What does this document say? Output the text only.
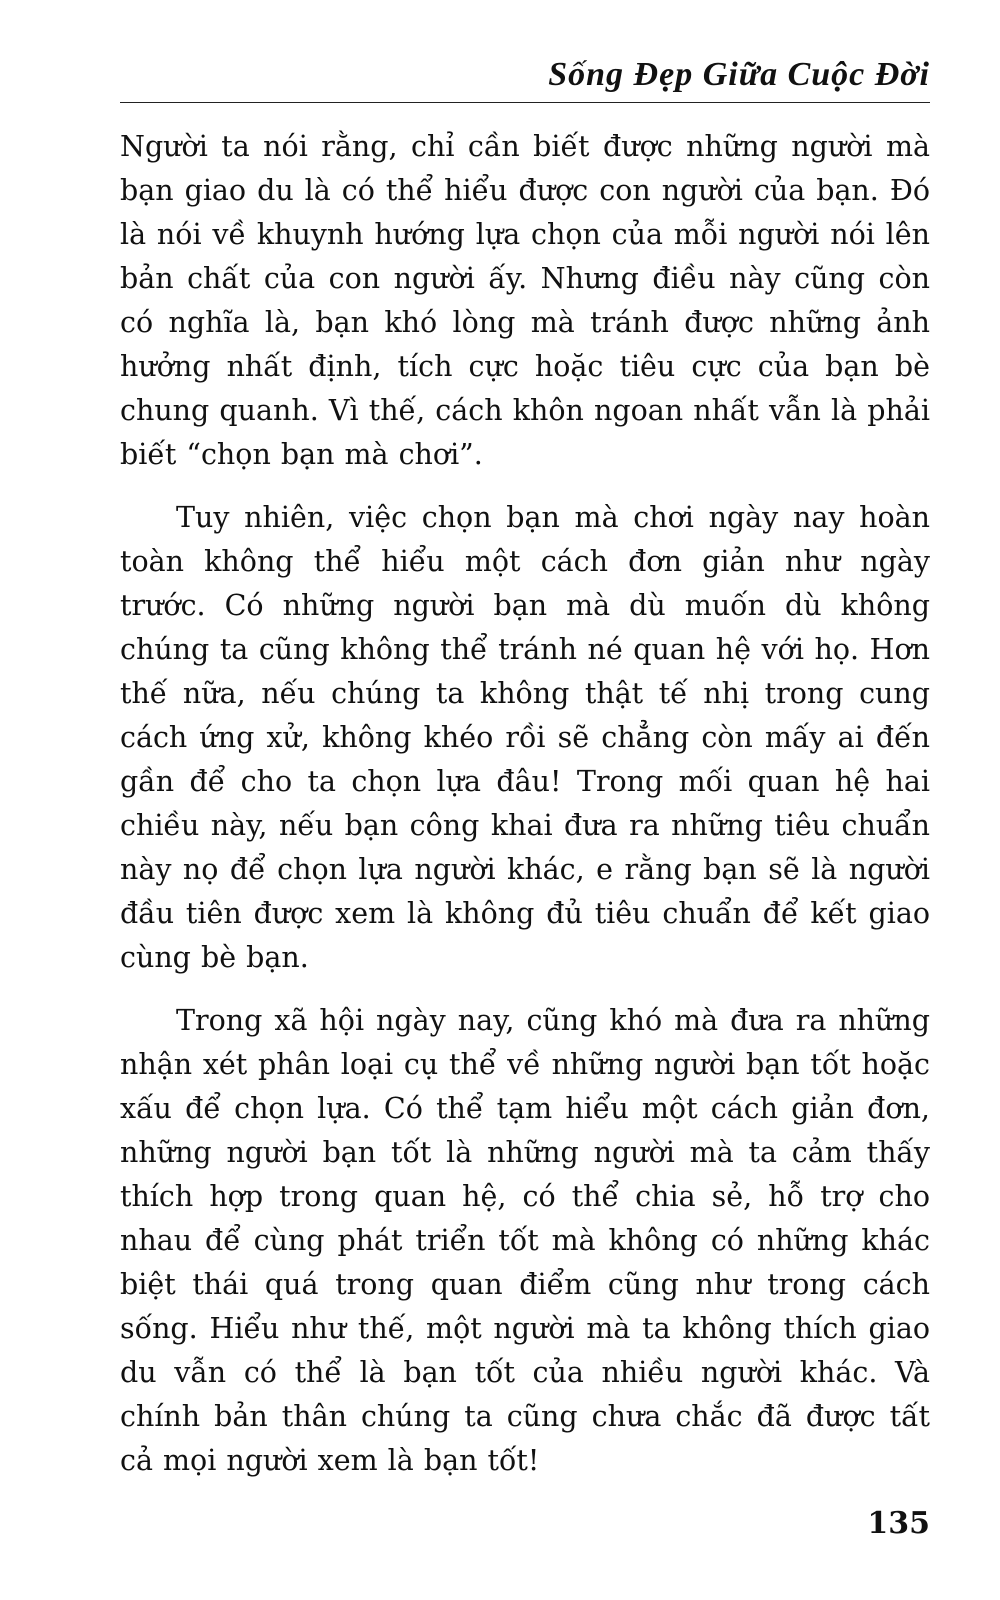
Sống Đẹp Giữa Cuộc Đời

Người ta nói rằng, chỉ cần biết được những người mà bạn giao du là có thể hiểu được con người của bạn. Đó là nói về khuynh hướng lựa chọn của mỗi người nói lên bản chất của con người ấy. Nhưng điều này cũng còn có nghĩa là, bạn khó lòng mà tránh được những ảnh hưởng nhất định, tích cực hoặc tiêu cực của bạn bè chung quanh. Vì thế, cách khôn ngoan nhất vẫn là phải biết “chọn bạn mà chơi”.

Tuy nhiên, việc chọn bạn mà chơi ngày nay hoàn toàn không thể hiểu một cách đơn giản như ngày trước. Có những người bạn mà dù muốn dù không chúng ta cũng không thể tránh né quan hệ với họ. Hơn thế nữa, nếu chúng ta không thật tế nhị trong cung cách ứng xử, không khéo rồi sẽ chẳng còn mấy ai đến gần để cho ta chọn lựa đâu! Trong mối quan hệ hai chiều này, nếu bạn công khai đưa ra những tiêu chuẩn này nọ để chọn lựa người khác, e rằng bạn sẽ là người đầu tiên được xem là không đủ tiêu chuẩn để kết giao cùng bè bạn.

Trong xã hội ngày nay, cũng khó mà đưa ra những nhận xét phân loại cụ thể về những người bạn tốt hoặc xấu để chọn lựa. Có thể tạm hiểu một cách giản đơn, những người bạn tốt là những người mà ta cảm thấy thích hợp trong quan hệ, có thể chia sẻ, hỗ trợ cho nhau để cùng phát triển tốt mà không có những khác biệt thái quá trong quan điểm cũng như trong cách sống. Hiểu như thế, một người mà ta không thích giao du vẫn có thể là bạn tốt của nhiều người khác. Và chính bản thân chúng ta cũng chưa chắc đã được tất cả mọi người xem là bạn tốt!

135
